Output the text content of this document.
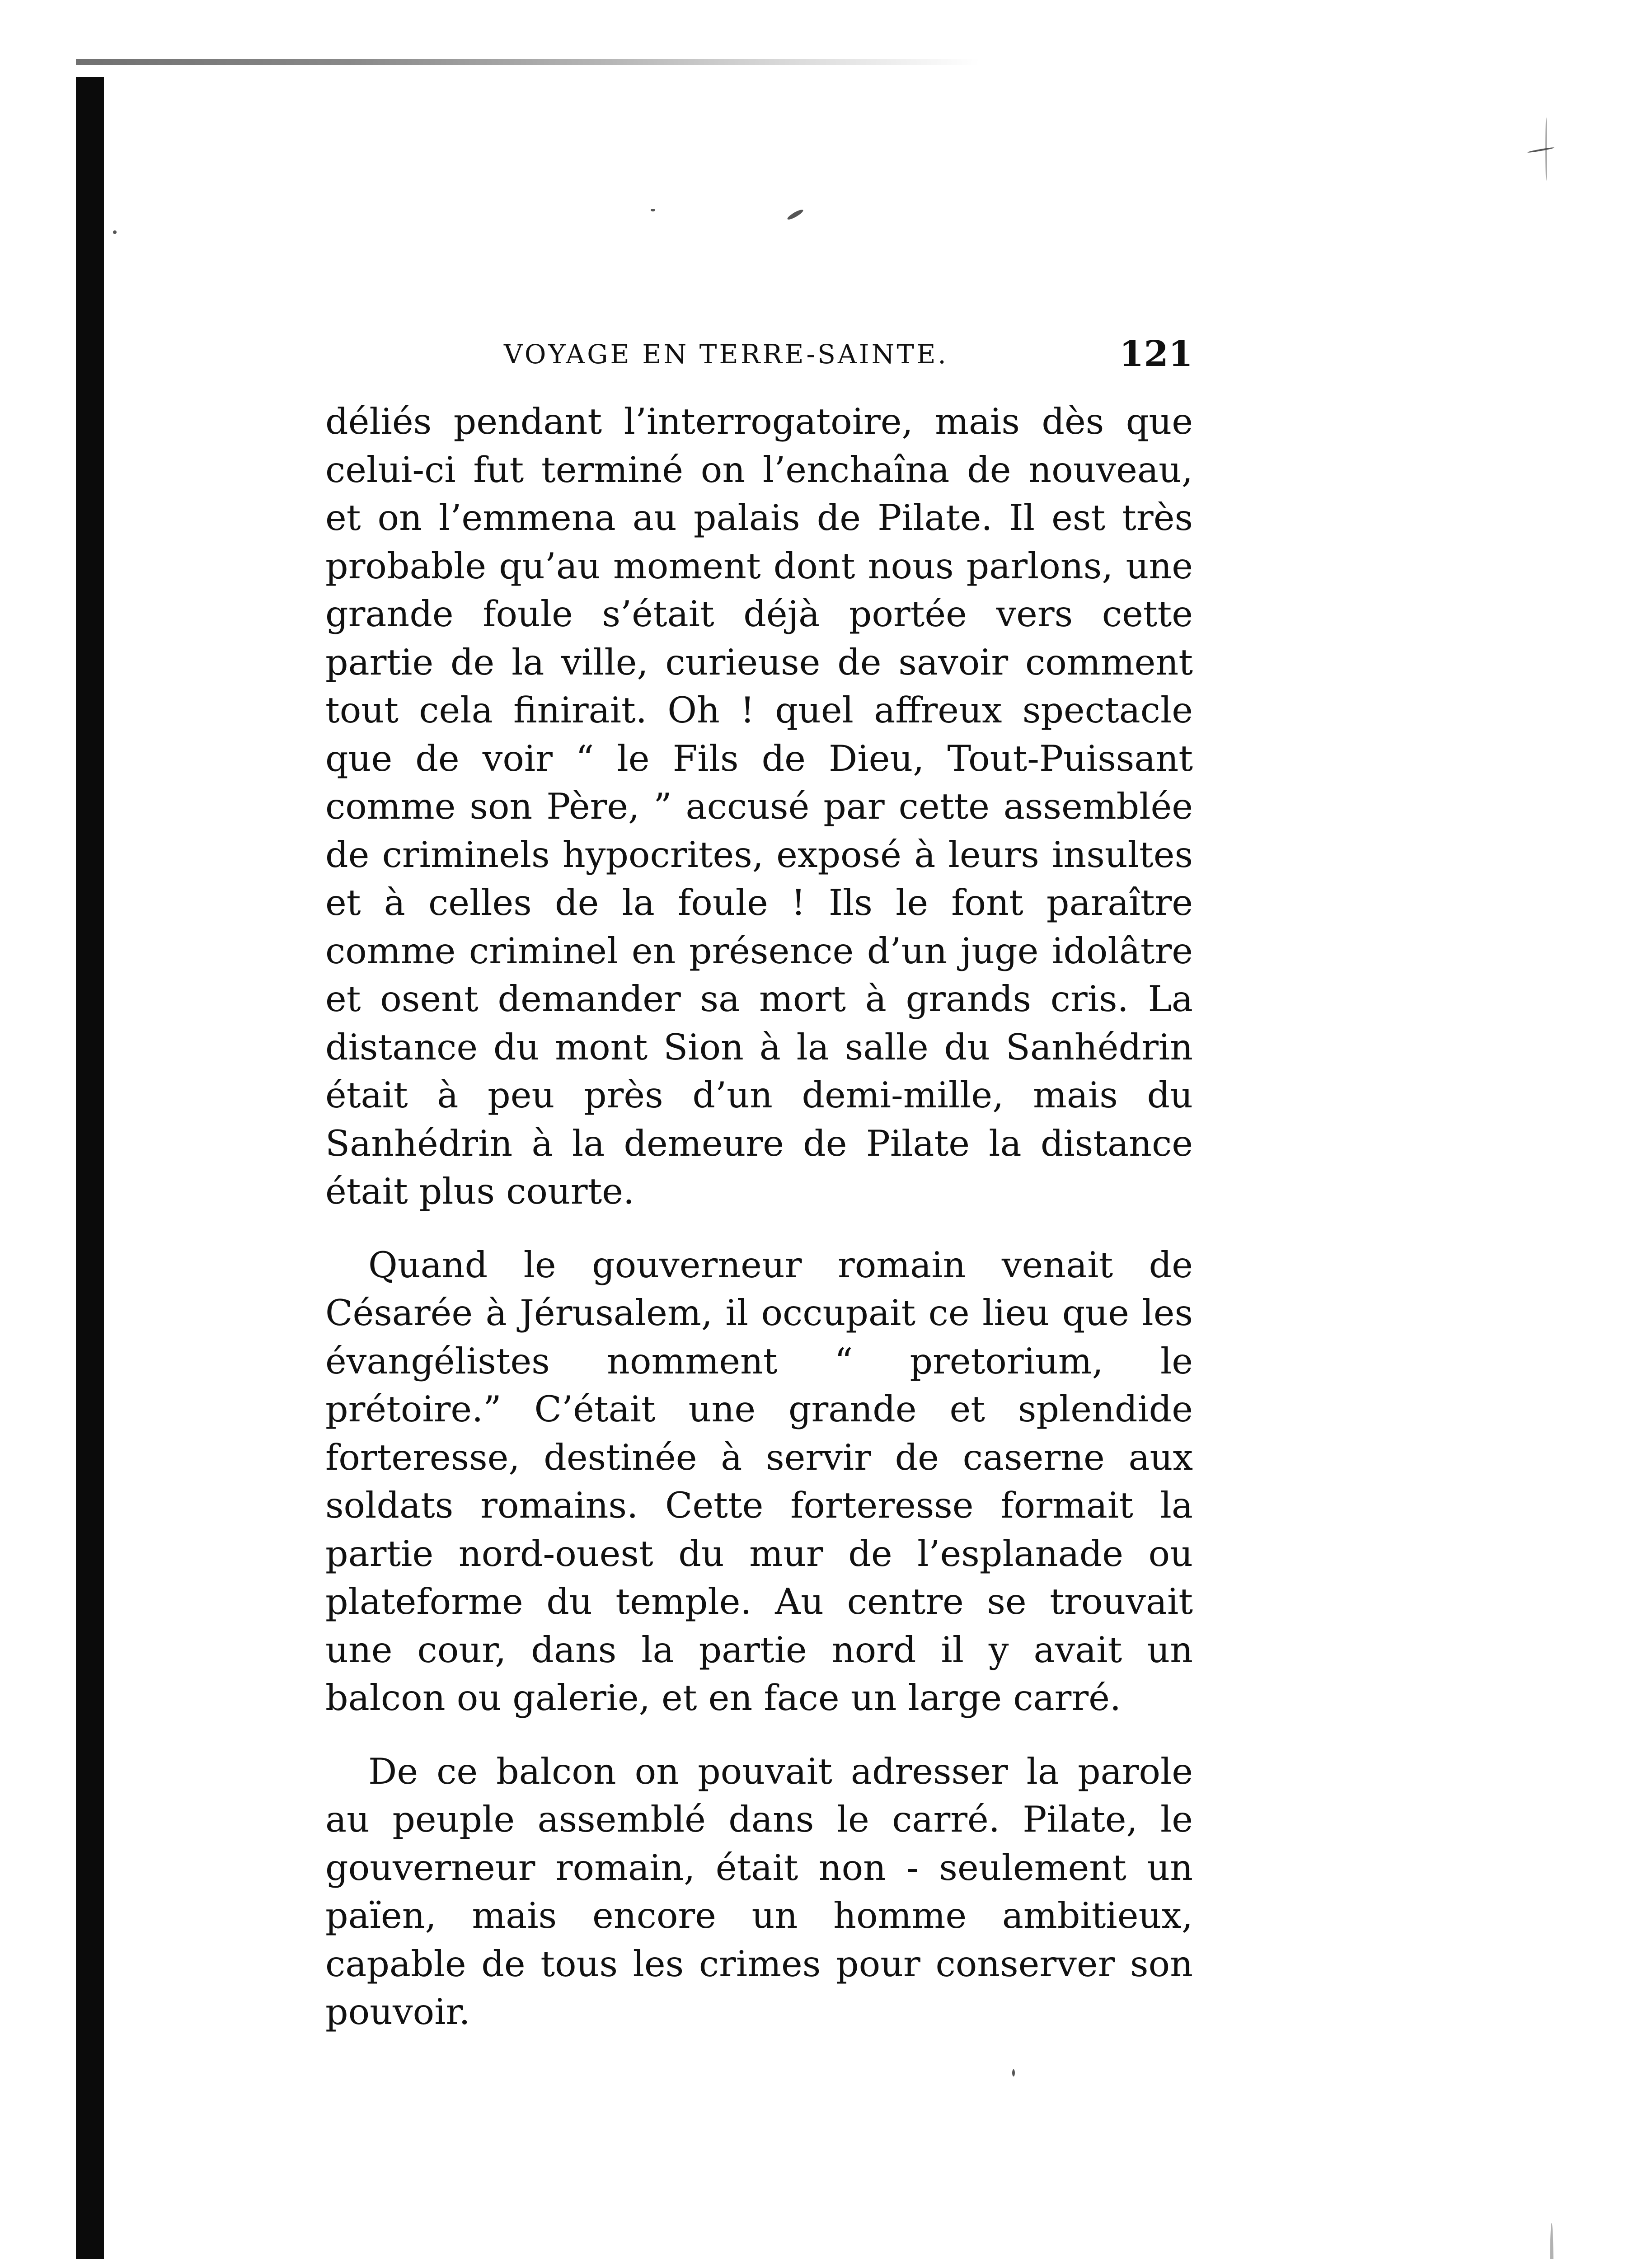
VOYAGE EN TERRE-SAINTE.	121

déliés pendant l’interrogatoire, mais dès que celui-ci fut terminé on l’enchaîna de nouveau, et on l’emmena au palais de Pilate. Il est très probable qu’au moment dont nous parlons, une grande foule s’était déjà portée vers cette partie de la ville, curieuse de savoir comment tout cela finirait. Oh ! quel affreux spectacle que de voir “ le Fils de Dieu, Tout-Puissant comme son Père, ” accusé par cette assemblée de criminels hypocrites, exposé à leurs insultes et à celles de la foule ! Ils le font paraître comme criminel en présence d’un juge idolâtre et osent demander sa mort à grands cris. La distance du mont Sion à la salle du Sanhédrin était à peu près d’un demi-mille, mais du Sanhédrin à la demeure de Pilate la distance était plus courte.

Quand le gouverneur romain venait de Césarée à Jérusalem, il occupait ce lieu que les évangélistes nomment “ pretorium, le prétoire.” C’était une grande et splendide forteresse, destinée à servir de caserne aux soldats romains. Cette forteresse formait la partie nord-ouest du mur de l’esplanade ou plateforme du temple. Au centre se trouvait une cour, dans la partie nord il y avait un balcon ou galerie, et en face un large carré.

De ce balcon on pouvait adresser la parole au peuple assemblé dans le carré. Pilate, le gouverneur romain, était non - seulement un païen, mais encore un homme ambitieux, capable de tous les crimes pour conserver son pouvoir.
